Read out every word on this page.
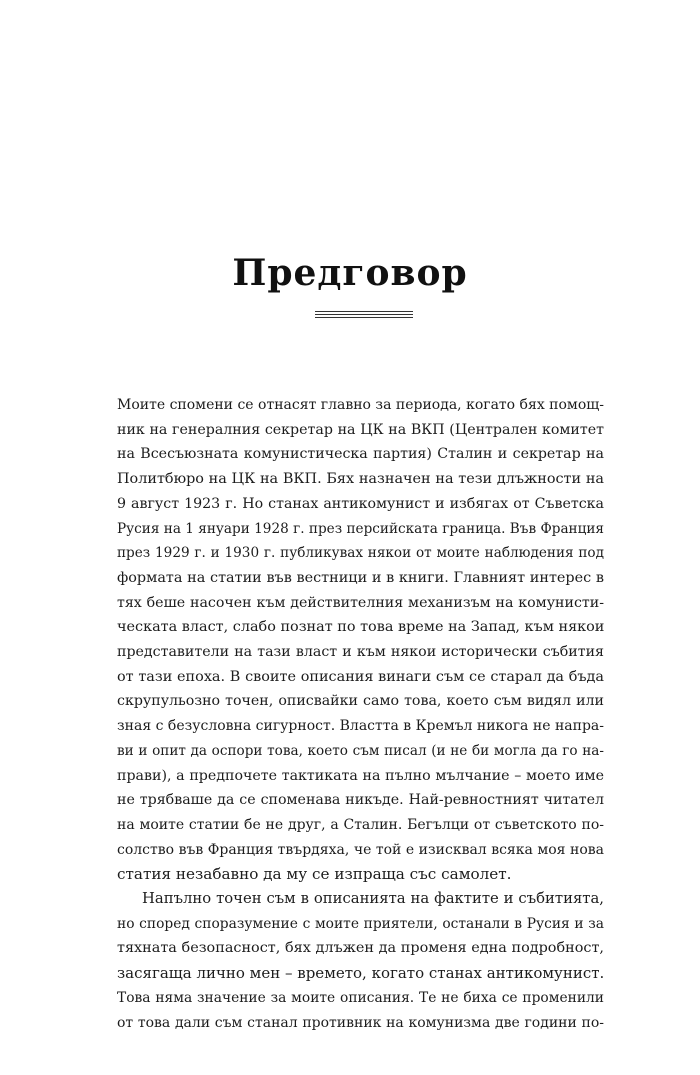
Предговор

Моите спомени се отнасят главно за периода, когато бях помощ-

ник на генералния секретар на ЦК на ВКП (Централен комитет

на Всесъюзната комунистическа партия) Сталин и секретар на

Политбюро на ЦК на ВКП. Бях назначен на тези длъжности на

9 август 1923 г. Но станах антикомунист и избягах от Съветска

Русия на 1 януари 1928 г. през персийската граница. Във Франция

през 1929 г. и 1930 г. публикувах някои от моите наблюдения под

формата на статии във вестници и в книги. Главният интерес в

тях беше насочен към действителния механизъм на комунисти-

ческата власт, слабо познат по това време на Запад, към някои

представители на тази власт и към някои исторически събития

от тази епоха. В своите описания винаги съм се старал да бъда

скрупульозно точен, описвайки само това, което съм видял или

зная с безусловна сигурност. Властта в Кремъл никога не напра-

ви и опит да оспори това, което съм писал (и не би могла да го на-

прави), а предпочете тактиката на пълно мълчание – моето име

не трябваше да се споменава никъде. Най-ревностният читател

на моите статии бе не друг, а Сталин. Бегълци от съветското по-

солство във Франция твърдяха, че той е изисквал всяка моя нова

статия незабавно да му се изпраща със самолет.

Напълно точен съм в описанията на фактите и събитията,

но според споразумение с моите приятели, останали в Русия и за

тяхната безопасност, бях длъжен да променя една подробност,

засягаща лично мен – времето, когато станах антикомунист.

Това няма значение за моите описания. Те не биха се променили

от това дали съм станал противник на комунизма две години по-
